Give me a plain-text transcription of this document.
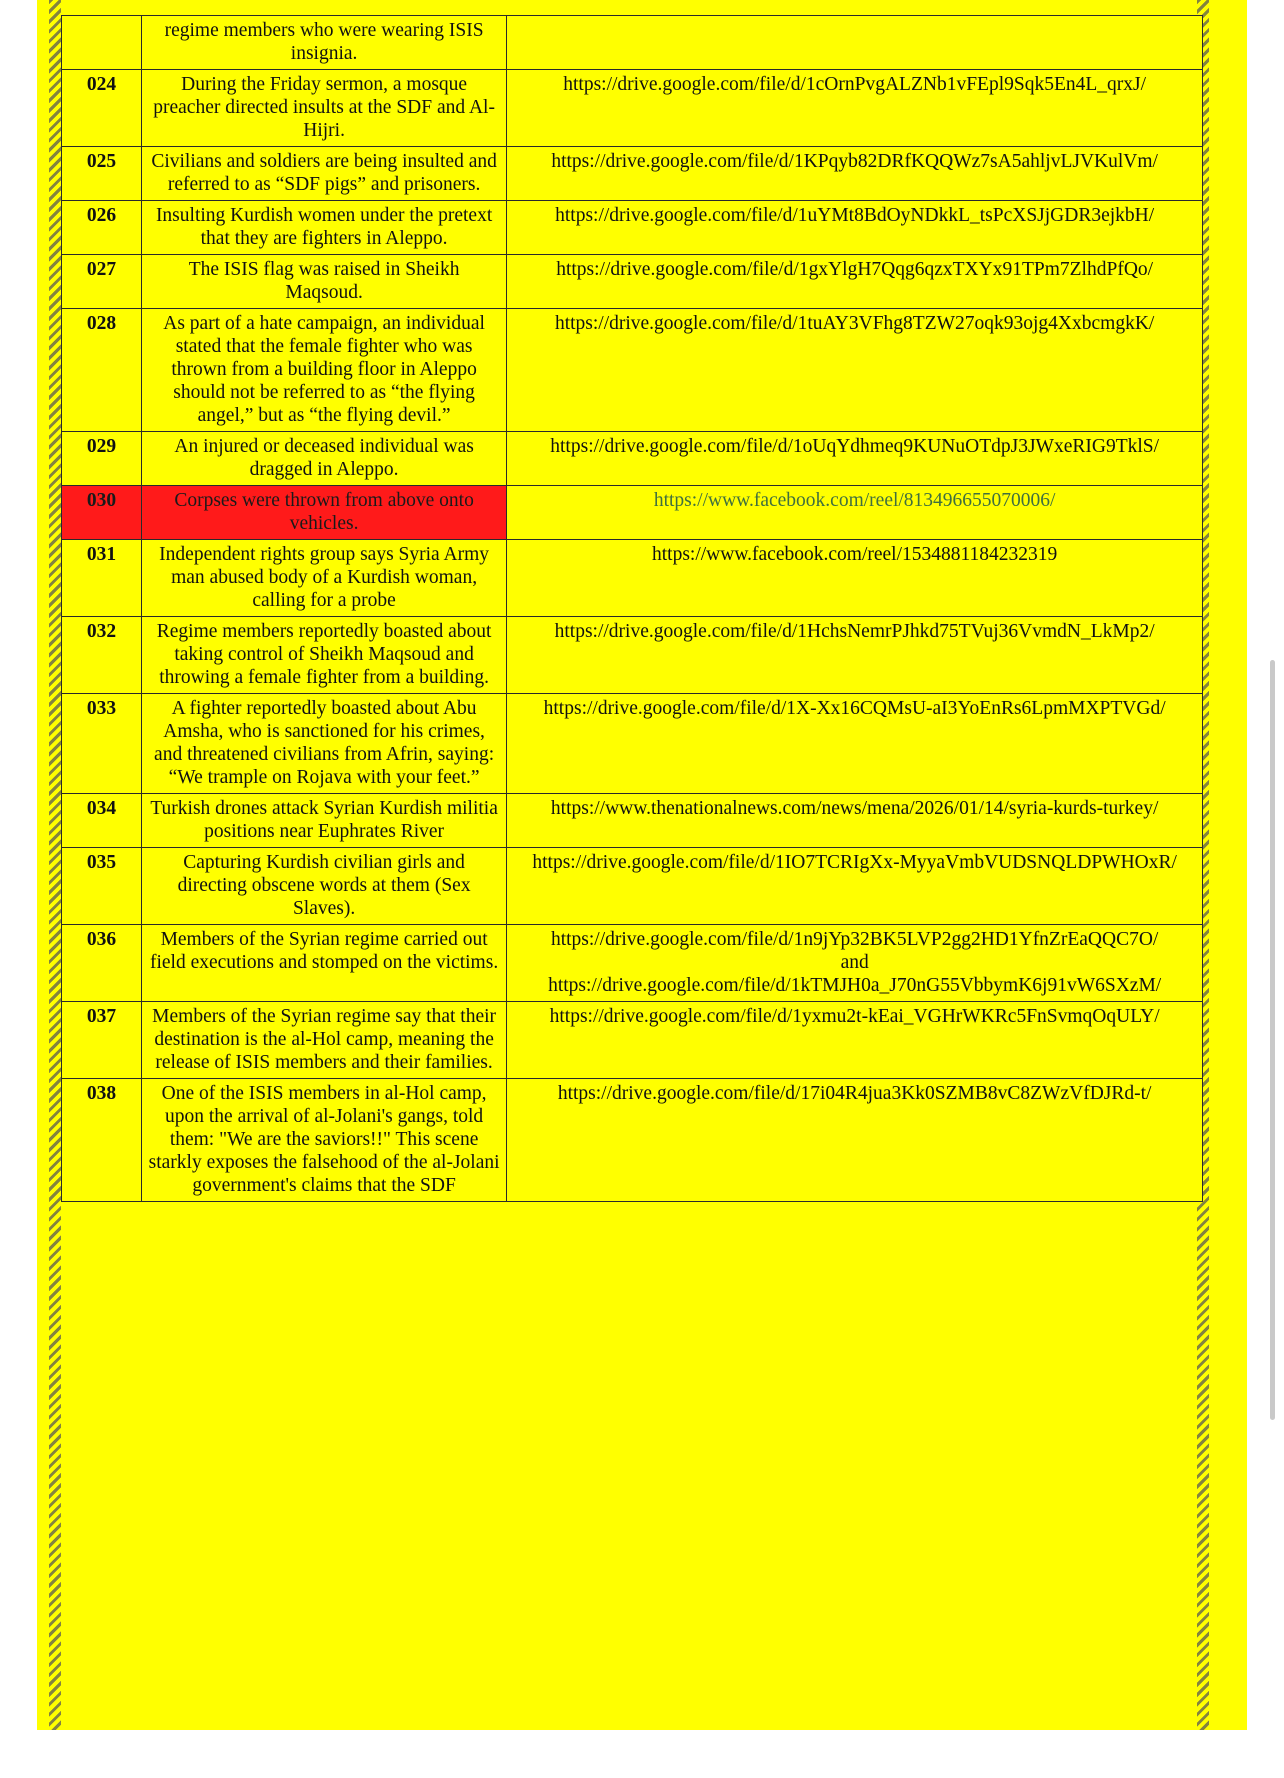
	regime members who were wearing ISIS insignia.	
024	During the Friday sermon, a mosque preacher directed insults at the SDF and Al-Hijri.	https://drive.google.com/file/d/1cOrnPvgALZNb1vFEpl9Sqk5En4L_qrxJ/

025	Civilians and soldiers are being insulted and referred to as “SDF pigs” and prisoners.	https://drive.google.com/file/d/1KPqyb82DRfKQQWz7sA5ahljvLJVKulVm/

026	Insulting Kurdish women under the pretext that they are fighters in Aleppo.	https://drive.google.com/file/d/1uYMt8BdOyNDkkL_tsPcXSJjGDR3ejkbH/

027	The ISIS flag was raised in Sheikh Maqsoud.	https://drive.google.com/file/d/1gxYlgH7Qqg6qzxTXYx91TPm7ZlhdPfQo/

028	As part of a hate campaign, an individual stated that the female fighter who was thrown from a building floor in Aleppo should not be referred to as “the flying angel,” but as “the flying devil.”	https://drive.google.com/file/d/1tuAY3VFhg8TZW27oqk93ojg4XxbcmgkK/

029	An injured or deceased individual was dragged in Aleppo.	https://drive.google.com/file/d/1oUqYdhmeq9KUNuOTdpJ3JWxeRIG9TklS/

030	Corpses were thrown from above onto vehicles.	https://www.facebook.com/reel/813496655070006/

031	Independent rights group says Syria Army man abused body of a Kurdish woman, calling for a probe	https://www.facebook.com/reel/1534881184232319

032	Regime members reportedly boasted about taking control of Sheikh Maqsoud and throwing a female fighter from a building.	https://drive.google.com/file/d/1HchsNemrPJhkd75TVuj36VvmdN_LkMp2/

033	A fighter reportedly boasted about Abu Amsha, who is sanctioned for his crimes, and threatened civilians from Afrin, saying: “We trample on Rojava with your feet.”	https://drive.google.com/file/d/1X-Xx16CQMsU-aI3YoEnRs6LpmMXPTVGd/

034	Turkish drones attack Syrian Kurdish militia positions near Euphrates River	https://www.thenationalnews.com/news/mena/2026/01/14/syria-kurds-turkey/

035	Capturing Kurdish civilian girls and directing obscene words at them (Sex Slaves).	https://drive.google.com/file/d/1IO7TCRIgXx-MyyaVmbVUDSNQLDPWHOxR/

036	Members of the Syrian regime carried out field executions and stomped on the victims.	https://drive.google.com/file/d/1n9jYp32BK5LVP2gg2HD1YfnZrEaQQC7O/
and
https://drive.google.com/file/d/1kTMJH0a_J70nG55VbbymK6j91vW6SXzM/

037	Members of the Syrian regime say that their destination is the al-Hol camp, meaning the release of ISIS members and their families.	https://drive.google.com/file/d/1yxmu2t-kEai_VGHrWKRc5FnSvmqOqULY/

038	One of the ISIS members in al-Hol camp, upon the arrival of al-Jolani's gangs, told them: "We are the saviors!!" This scene starkly exposes the falsehood of the al-Jolani government's claims that the SDF	https://drive.google.com/file/d/17i04R4jua3Kk0SZMB8vC8ZWzVfDJRd-t/
